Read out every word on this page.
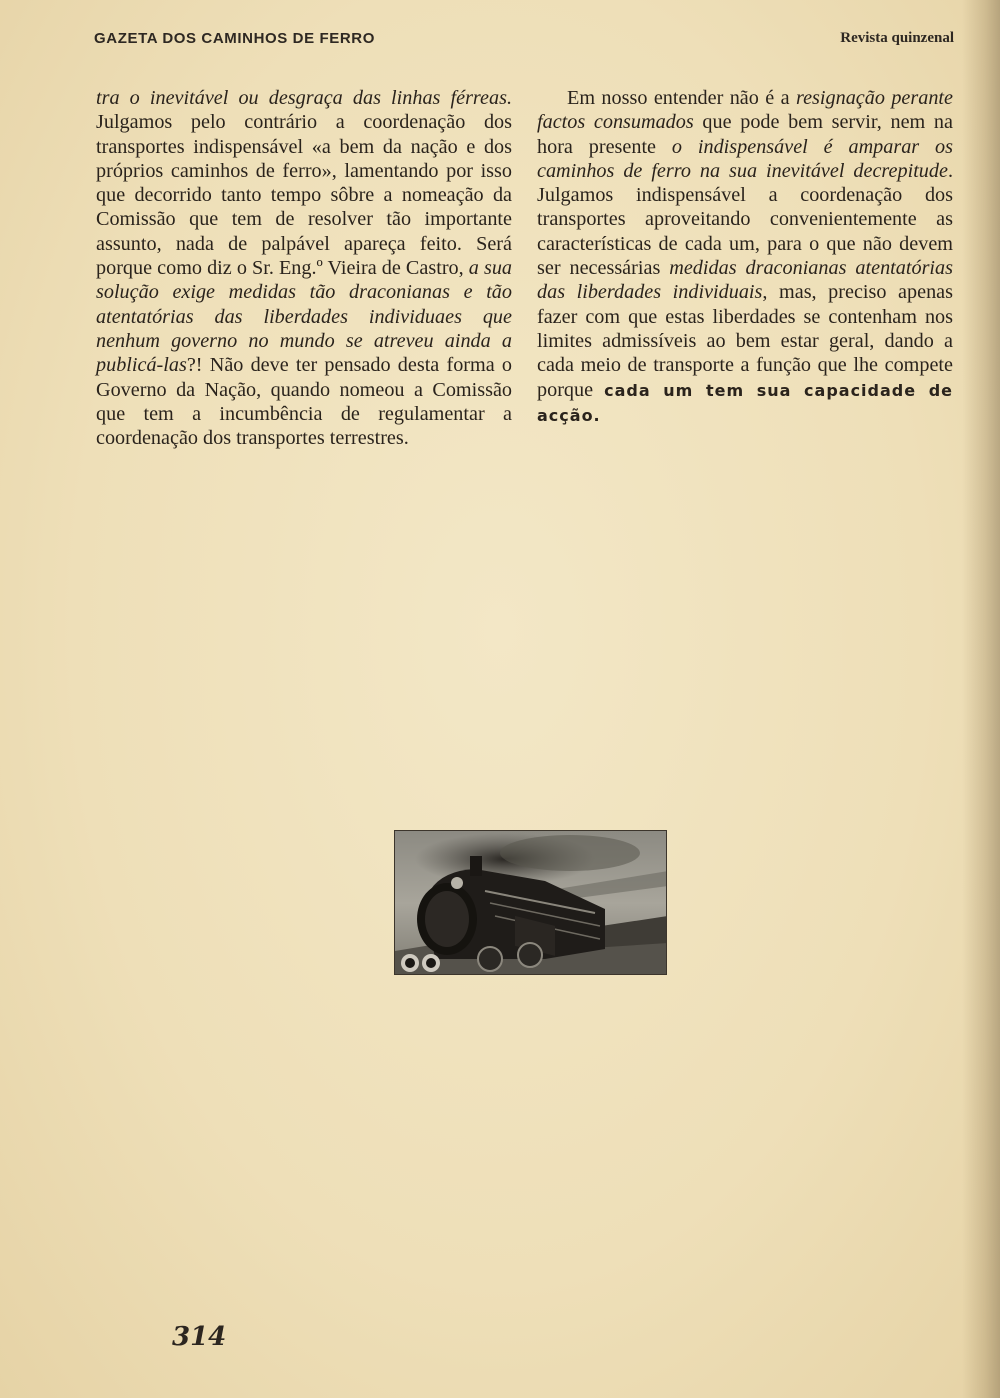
GAZETA DOS CAMINHOS DE FERRO	Revista quinzenal

tra o inevitável ou desgraça das linhas férreas. Julgamos pelo contrário a coordenação dos transportes indispensável «a bem da nação e dos próprios caminhos de ferro», lamentando por isso que decorrido tanto tempo sôbre a nomeação da Comissão que tem de resolver tão importante assunto, nada de palpável apareça feito. Será porque como diz o Sr. Eng.º Vieira de Castro, a sua solução exige medidas tão draconianas e tão atentatórias das liberdades individuaes que nenhum governo no mundo se atreveu ainda a publicá-las?! Não deve ter pensado desta forma o Governo da Nação, quando nomeou a Comissão que tem a incumbência de regulamentar a coordenação dos transportes terrestres.

Em nosso entender não é a resignação perante factos consumados que pode bem servir, nem na hora presente o indispensável é amparar os caminhos de ferro na sua inevitável decrepitude. Julgamos indispensável a coordenação dos transportes aproveitando convenientemente as características de cada um, para o que não devem ser necessárias medidas draconianas atentatórias das liberdades individuais, mas, preciso apenas fazer com que estas liberdades se contenham nos limites admissíveis ao bem estar geral, dando a cada meio de transporte a função que lhe compete porque cada um tem sua capacidade de acção.

314
